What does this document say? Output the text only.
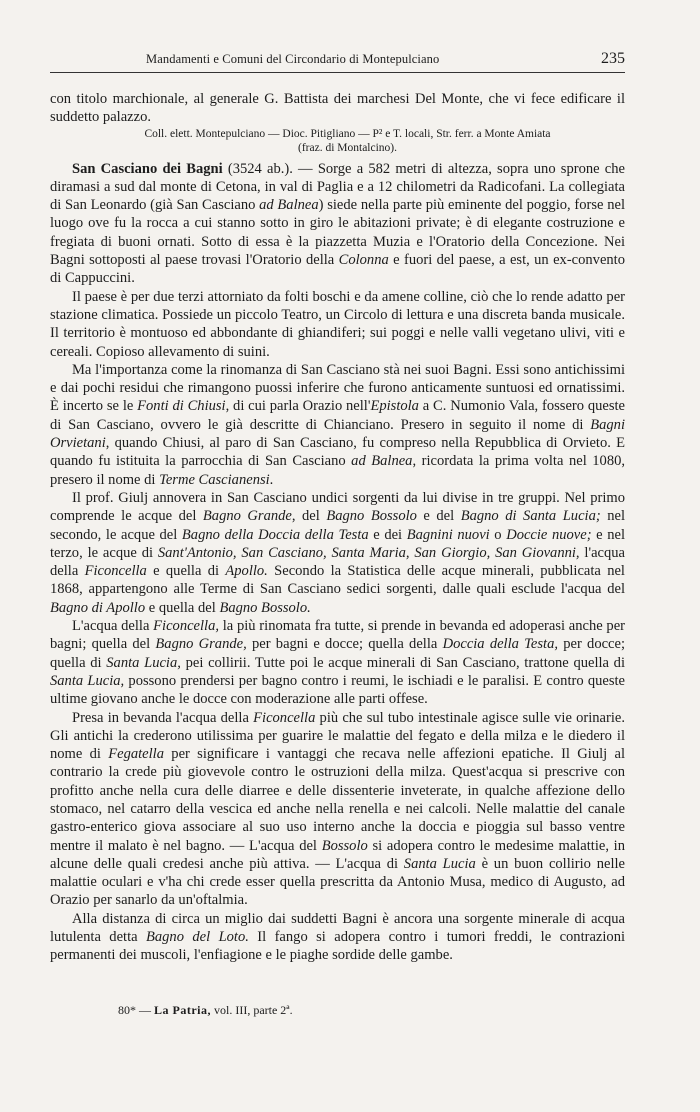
Mandamenti e Comuni del Circondario di Montepulciano	235

con titolo marchionale, al generale G. Battista dei marchesi Del Monte, che vi fece edificare il suddetto palazzo.

Coll. elett. Montepulciano — Dioc. Pitigliano — P² e T. locali, Str. ferr. a Monte Amiata
(fraz. di Montalcino).

San Casciano dei Bagni (3524 ab.). — Sorge a 582 metri di altezza, sopra uno sprone che diramasi a sud dal monte di Cetona, in val di Paglia e a 12 chilometri da Radicofani. La collegiata di San Leonardo (già San Casciano ad Balnea) siede nella parte più eminente del poggio, forse nel luogo ove fu la rocca a cui stanno sotto in giro le abitazioni private; è di elegante costruzione e fregiata di buoni ornati. Sotto di essa è la piazzetta Muzia e l'Oratorio della Concezione. Nei Bagni sottoposti al paese trovasi l'Oratorio della Colonna e fuori del paese, a est, un ex-convento di Cappuccini.

Il paese è per due terzi attorniato da folti boschi e da amene colline, ciò che lo rende adatto per stazione climatica. Possiede un piccolo Teatro, un Circolo di lettura e una discreta banda musicale. Il territorio è montuoso ed abbondante di ghiandiferi; sui poggi e nelle valli vegetano ulivi, viti e cereali. Copioso allevamento di suini.

Ma l'importanza come la rinomanza di San Casciano stà nei suoi Bagni. Essi sono antichissimi e dai pochi residui che rimangono puossi inferire che furono anticamente suntuosi ed ornatissimi. È incerto se le Fonti di Chiusi, di cui parla Orazio nell'Epistola a C. Numonio Vala, fossero queste di San Casciano, ovvero le già descritte di Chianciano. Presero in seguito il nome di Bagni Orvietani, quando Chiusi, al paro di San Casciano, fu compreso nella Repubblica di Orvieto. E quando fu istituita la parrocchia di San Casciano ad Balnea, ricordata la prima volta nel 1080, presero il nome di Terme Cascianensi.

Il prof. Giulj annovera in San Casciano undici sorgenti da lui divise in tre gruppi. Nel primo comprende le acque del Bagno Grande, del Bagno Bossolo e del Bagno di Santa Lucia; nel secondo, le acque del Bagno della Doccia della Testa e dei Bagnini nuovi o Doccie nuove; e nel terzo, le acque di Sant'Antonio, San Casciano, Santa Maria, San Giorgio, San Giovanni, l'acqua della Ficoncella e quella di Apollo. Secondo la Statistica delle acque minerali, pubblicata nel 1868, appartengono alle Terme di San Casciano sedici sorgenti, dalle quali esclude l'acqua del Bagno di Apollo e quella del Bagno Bossolo.

L'acqua della Ficoncella, la più rinomata fra tutte, si prende in bevanda ed adoperasi anche per bagni; quella del Bagno Grande, per bagni e docce; quella della Doccia della Testa, per docce; quella di Santa Lucia, pei collirii. Tutte poi le acque minerali di San Casciano, trattone quella di Santa Lucia, possono prendersi per bagno contro i reumi, le ischiadi e le paralisi. E contro queste ultime giovano anche le docce con moderazione alle parti offese.

Presa in bevanda l'acqua della Ficoncella più che sul tubo intestinale agisce sulle vie orinarie. Gli antichi la crederono utilissima per guarire le malattie del fegato e della milza e le diedero il nome di Fegatella per significare i vantaggi che recava nelle affezioni epatiche. Il Giulj al contrario la crede più giovevole contro le ostruzioni della milza. Quest'acqua si prescrive con profitto anche nella cura delle diarree e delle dissenterie inveterate, in qualche affezione dello stomaco, nel catarro della vescica ed anche nella renella e nei calcoli. Nelle malattie del canale gastro-enterico giova associare al suo uso interno anche la doccia e pioggia sul basso ventre mentre il malato è nel bagno. — L'acqua del Bossolo si adopera contro le medesime malattie, in alcune delle quali credesi anche più attiva. — L'acqua di Santa Lucia è un buon collirio nelle malattie oculari e v'ha chi crede esser quella prescritta da Antonio Musa, medico di Augusto, ad Orazio per sanarlo da un'oftalmia.

Alla distanza di circa un miglio dai suddetti Bagni è ancora una sorgente minerale di acqua lutulenta detta Bagno del Loto. Il fango si adopera contro i tumori freddi, le contrazioni permanenti dei muscoli, l'enfiagione e le piaghe sordide delle gambe.

80* — La Patria, vol. III, parte 2ª.
